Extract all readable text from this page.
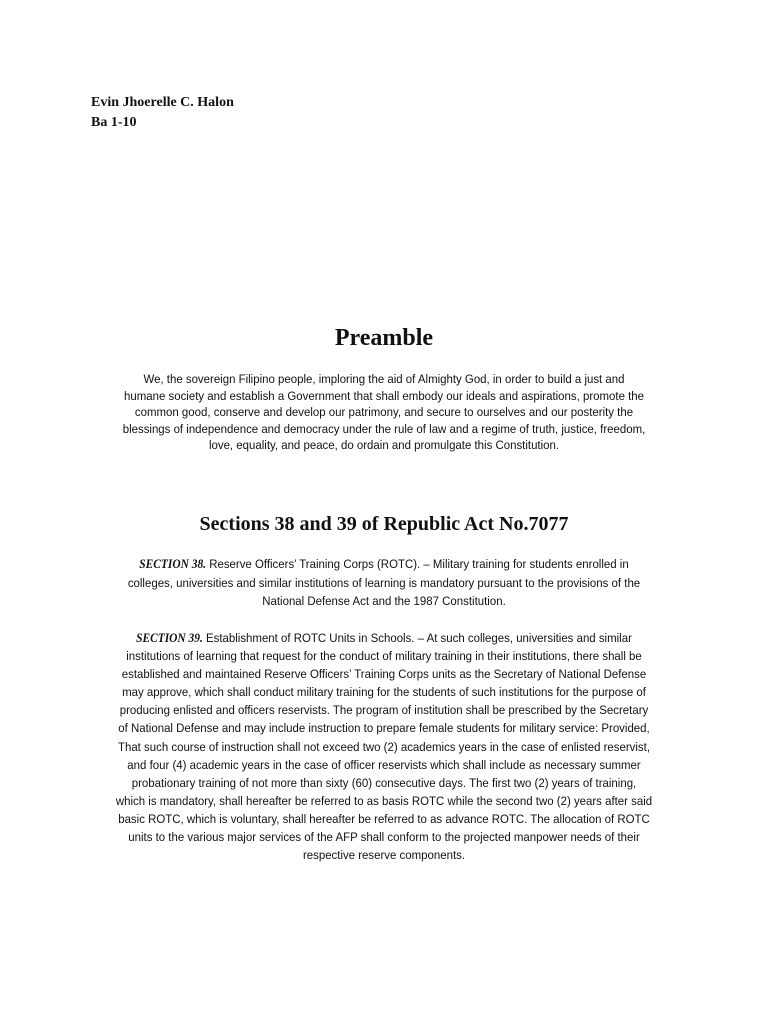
Evin Jhoerelle C. Halon
Ba 1-10
Preamble

We, the sovereign Filipino people, imploring the aid of Almighty God, in order to build a just and
humane society and establish a Government that shall embody our ideals and aspirations, promote the
common good, conserve and develop our patrimony, and secure to ourselves and our posterity the
blessings of independence and democracy under the rule of law and a regime of truth, justice, freedom,
love, equality, and peace, do ordain and promulgate this Constitution.

Sections 38 and 39 of Republic Act No.7077

SECTION 38. Reserve Officers’ Training Corps (ROTC). – Military training for students enrolled in
colleges, universities and similar institutions of learning is mandatory pursuant to the provisions of the
National Defense Act and the 1987 Constitution.

SECTION 39. Establishment of ROTC Units in Schools. – At such colleges, universities and similar
institutions of learning that request for the conduct of military training in their institutions, there shall be
established and maintained Reserve Officers’ Training Corps units as the Secretary of National Defense
may approve, which shall conduct military training for the students of such institutions for the purpose of
producing enlisted and officers reservists. The program of institution shall be prescribed by the Secretary
of National Defense and may include instruction to prepare female students for military service: Provided,
That such course of instruction shall not exceed two (2) academics years in the case of enlisted reservist,
and four (4) academic years in the case of officer reservists which shall include as necessary summer
probationary training of not more than sixty (60) consecutive days. The first two (2) years of training,
which is mandatory, shall hereafter be referred to as basis ROTC while the second two (2) years after said
basic ROTC, which is voluntary, shall hereafter be referred to as advance ROTC. The allocation of ROTC
units to the various major services of the AFP shall conform to the projected manpower needs of their
respective reserve components.
